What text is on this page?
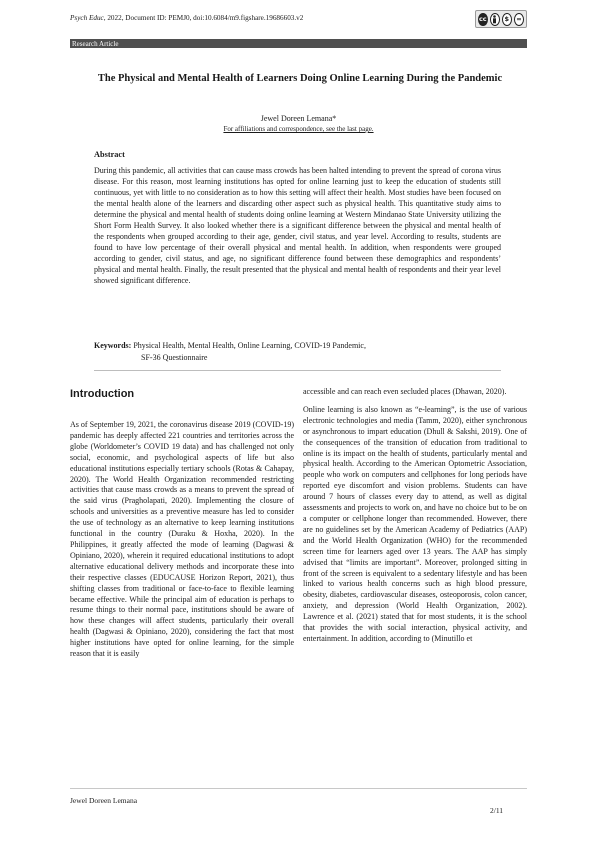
Psych Educ, 2022, Document ID: PEMJ0, doi:10.6084/m9.figshare.19686603.v2	cc	$	=
Research Article
The Physical and Mental Health of Learners Doing Online Learning During the Pandemic
Jewel Doreen Lemana*
For affiliations and correspondence, see the last page.
Abstract
During this pandemic, all activities that can cause mass crowds has been halted intending to prevent the spread of corona virus disease. For this reason, most learning institutions has opted for online learning just to keep the education of students still continuous, yet with little to no consideration as to how this setting will affect their health. Most studies have been focused on the mental health alone of the learners and discarding other aspect such as physical health. This quantitative study aims to determine the physical and mental health of students doing online learning at Western Mindanao State University utilizing the Short Form Health Survey. It also looked whether there is a significant difference between the physical and mental health of the respondents when grouped according to their age, gender, civil status, and year level. According to results, students are found to have low percentage of their overall physical and mental health. In addition, when respondents were grouped according to gender, civil status, and age, no significant difference found between these demographics and respondents’ physical and mental health. Finally, the result presented that the physical and mental health of respondents and their year level showed significant difference.
Keywords: Physical Health, Mental Health, Online Learning, COVID-19 Pandemic,
SF-36 Questionnaire
Introduction

As of September 19, 2021, the coronavirus disease 2019 (COVID-19) pandemic has deeply affected 221 countries and territories across the globe (Worldometer’s COVID 19 data) and has challenged not only social, economic, and psychological aspects of life but also educational institutions especially tertiary schools (Rotas & Cahapay, 2020). The World Health Organization recommended restricting activities that cause mass crowds as a means to prevent the spread of the said virus (Pragholapati, 2020). Implementing the closure of schools and universities as a preventive measure has led to consider the use of technology as an alternative to keep learning institutions functional in the country (Duraku & Hoxha, 2020). In the Philippines, it greatly affected the mode of learning (Dagwasi & Opiniano, 2020), wherein it required educational institutions to adopt alternative educational delivery methods and incorporate these into their respective classes (EDUCAUSE Horizon Report, 2021), thus shifting classes from traditional or face-to-face to flexible learning became effective. While the principal aim of education is perhaps to resume things to their normal pace, institutions should be aware of how these changes will affect students, particularly their overall health (Dagwasi & Opiniano, 2020), considering the fact that most higher institutions have opted for online learning, for the simple reason that it is easily

accessible and can reach even secluded places (Dhawan, 2020).

Online learning is also known as “e-learning”, is the use of various electronic technologies and media (Tamm, 2020), either synchronous or asynchronous to impart education (Dhull & Sakshi, 2019). One of the consequences of the transition of education from traditional to online is its impact on the health of students, particularly mental and physical health. According to the American Optometric Association, people who work on computers and cellphones for long periods have reported eye discomfort and vision problems. Students can have around 7 hours of classes every day to attend, as well as digital assessments and projects to work on, and have no choice but to be on a computer or cellphone longer than recommended. However, there are no guidelines set by the American Academy of Pediatrics (AAP) and the World Health Organization (WHO) for the recommended screen time for learners aged over 13 years. The AAP has simply advised that “limits are important”. Moreover, prolonged sitting in front of the screen is equivalent to a sedentary lifestyle and has been linked to various health concerns such as high blood pressure, obesity, diabetes, cardiovascular diseases, osteoporosis, colon cancer, anxiety, and depression (World Health Organization, 2002). Lawrence et al. (2021) stated that for most students, it is the school that provides the with social interaction, physical activity, and entertainment. In addition, according to (Minutillo et

Jewel Doreen Lemana
2/11
